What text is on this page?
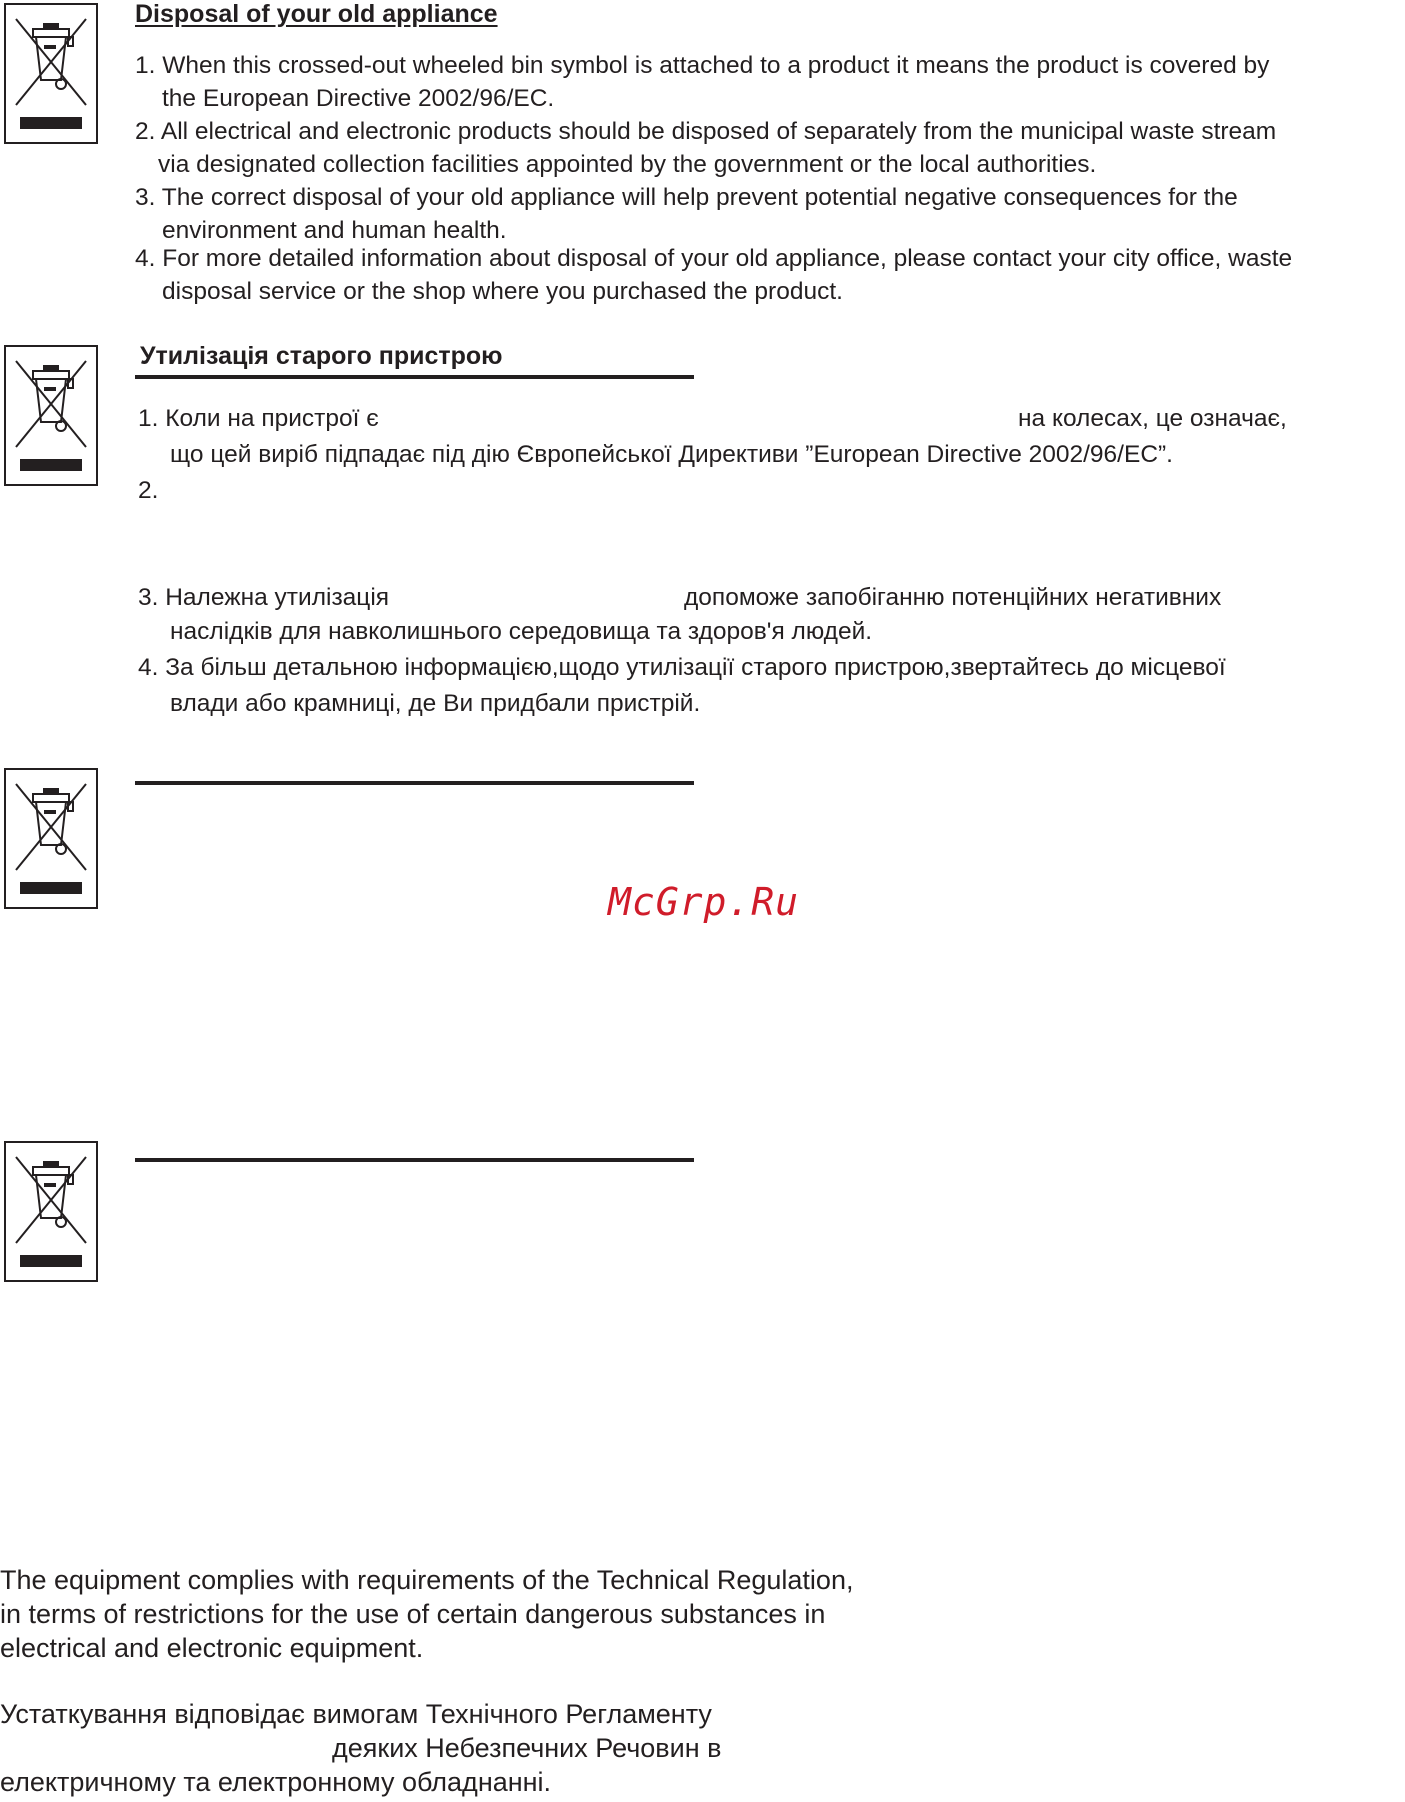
Disposal of your old appliance
1. When this crossed-out wheeled bin symbol is attached to a product it means the product is covered by
the European Directive 2002/96/EC.
2. All electrical and electronic products should be disposed of separately from the municipal waste stream
via designated collection facilities appointed by the government or the local authorities.
3. The correct disposal of your old appliance will help prevent potential negative consequences for the
environment and human health.
4. For more detailed information about disposal of your old appliance, please contact your city office, waste
disposal service or the shop where you purchased the product.
Утилізація старого пристрою
1. Коли на пристрої є	на колесах, це означає,
що цей виріб підпадає під дію Європейської Директиви ”European Directive 2002/96/EC”.
2.
3. Належна утилізація	допоможе запобіганню потенційних негативних
наслідків для навколишнього середовища та здоров'я людей.
4. За більш детальною інформацією,щодо утилізації старого пристрою,звертайтесь до місцевої
влади або крамниці, де Ви придбали пристрій.
McGrp.Ru
The equipment complies with requirements of the Technical Regulation,
in terms of restrictions for the use of certain dangerous substances in
electrical and electronic equipment.
Устаткування відповідає вимогам Технічного Регламенту
деяких Небезпечних Речовин в
електричному та електронному обладнанні.
